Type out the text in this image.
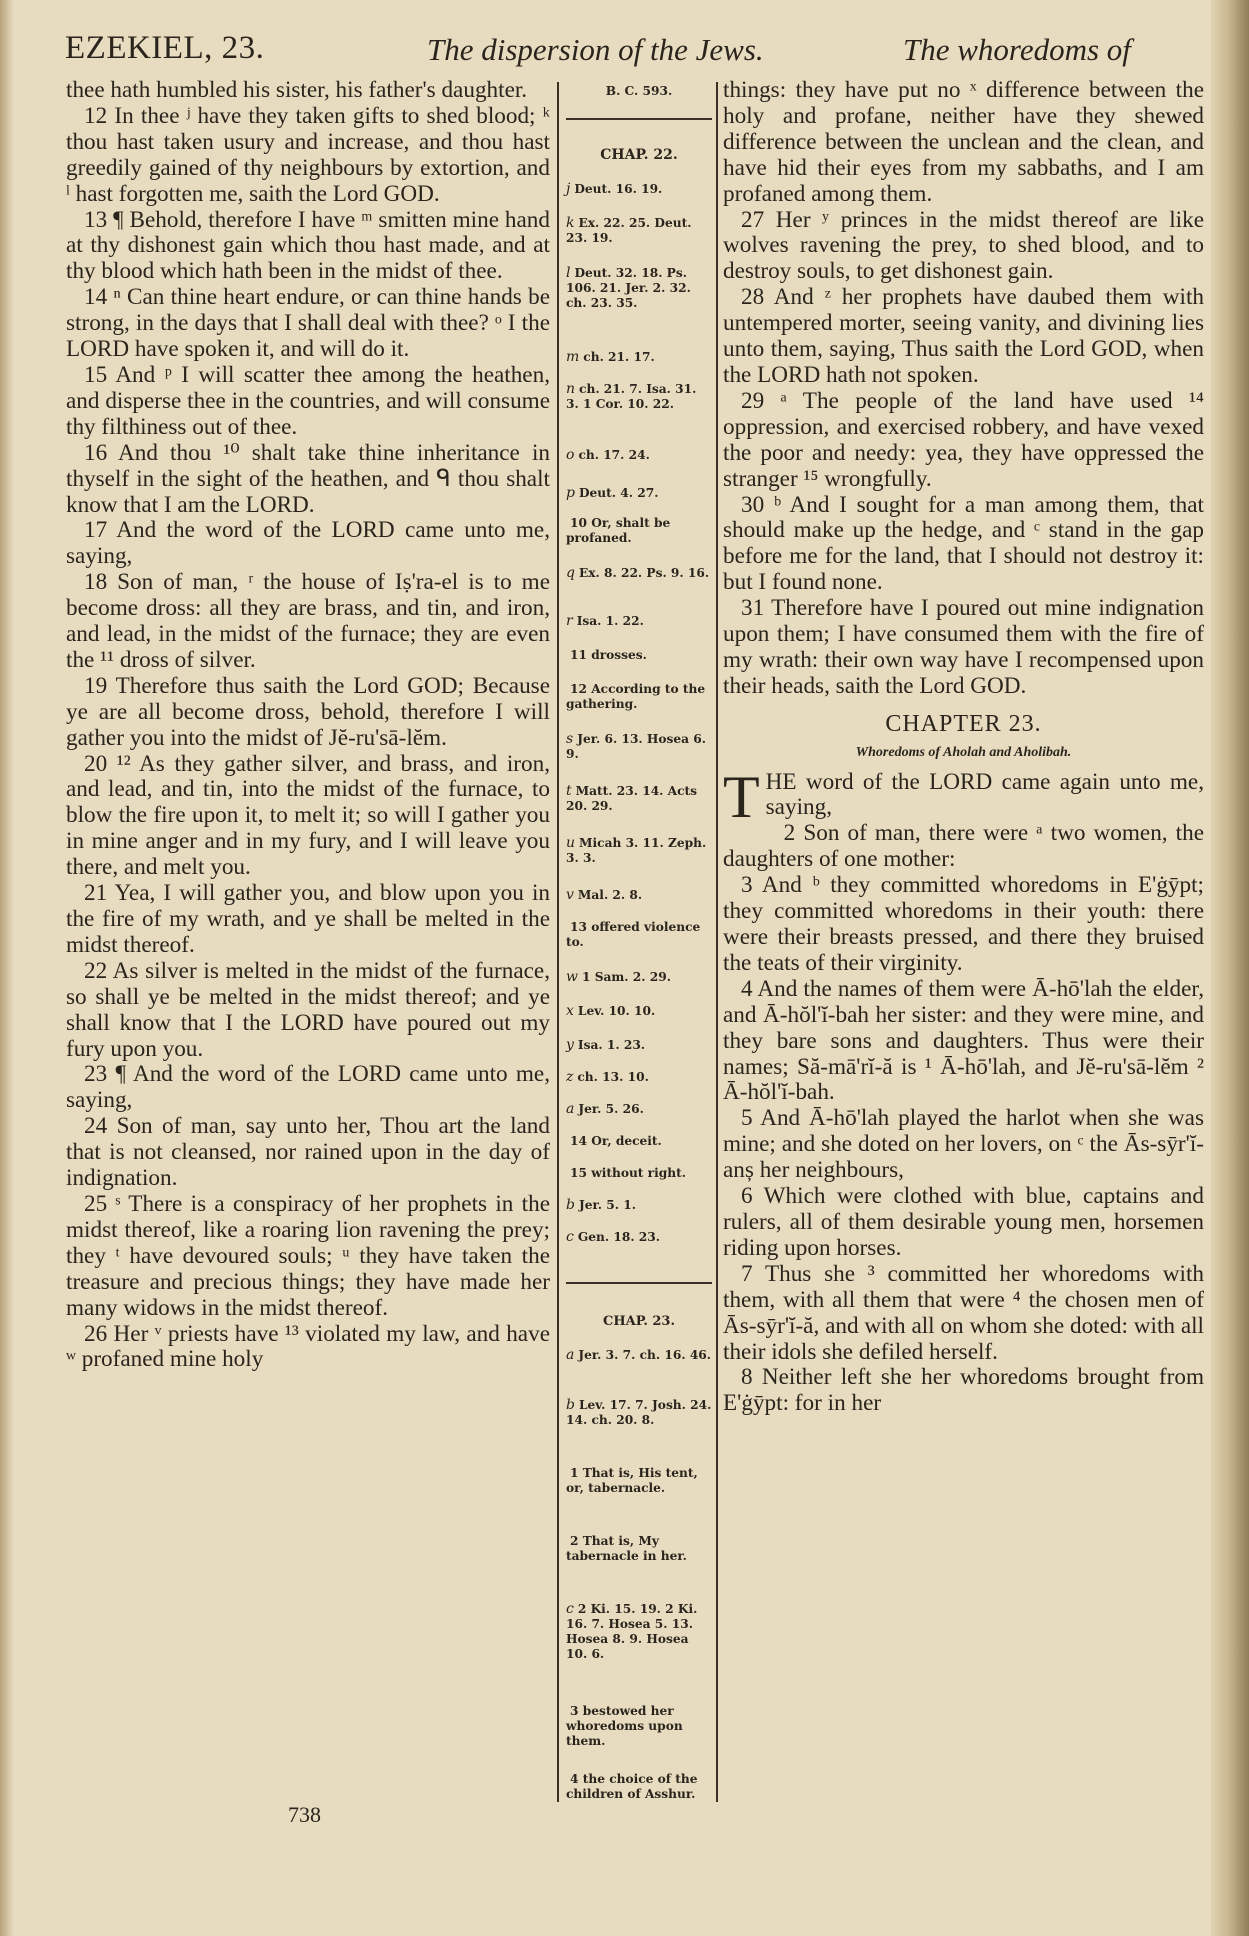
EZEKIEL, 23.	The dispersion of the Jews.	The whoredoms of

thee hath humbled his sister, his father's daughter.

12 In thee ʲ have they taken gifts to shed blood; ᵏ thou hast taken usury and increase, and thou hast greedily gained of thy neighbours by extortion, and ˡ hast forgotten me, saith the Lord GOD.

13 ¶ Behold, therefore I have ᵐ smitten mine hand at thy dishonest gain which thou hast made, and at thy blood which hath been in the midst of thee.

14 ⁿ Can thine heart endure, or can thine hands be strong, in the days that I shall deal with thee? ᵒ I the LORD have spoken it, and will do it.

15 And ᵖ I will scatter thee among the heathen, and disperse thee in the countries, and will consume thy filthiness out of thee.

16 And thou ¹⁰ shalt take thine inheritance in thyself in the sight of the heathen, and ᑫ thou shalt know that I am the LORD.

17 And the word of the LORD came unto me, saying,

18 Son of man, ʳ the house of Iṣ'ra-el is to me become dross: all they are brass, and tin, and iron, and lead, in the midst of the furnace; they are even the ¹¹ dross of silver.

19 Therefore thus saith the Lord GOD; Because ye are all become dross, behold, therefore I will gather you into the midst of Jĕ-ru'sā-lĕm.

20 ¹² As they gather silver, and brass, and iron, and lead, and tin, into the midst of the furnace, to blow the fire upon it, to melt it; so will I gather you in mine anger and in my fury, and I will leave you there, and melt you.

21 Yea, I will gather you, and blow upon you in the fire of my wrath, and ye shall be melted in the midst thereof.

22 As silver is melted in the midst of the furnace, so shall ye be melted in the midst thereof; and ye shall know that I the LORD have poured out my fury upon you.

23 ¶ And the word of the LORD came unto me, saying,

24 Son of man, say unto her, Thou art the land that is not cleansed, nor rained upon in the day of indignation.

25 ˢ There is a conspiracy of her prophets in the midst thereof, like a roaring lion ravening the prey; they ᵗ have devoured souls; ᵘ they have taken the treasure and precious things; they have made her many widows in the midst thereof.

26 Her ᵛ priests have ¹³ violated my law, and have ʷ profaned mine holy

B. C. 593.
CHAP. 22.
j Deut. 16. 19.
k Ex. 22. 25. Deut. 23. 19.
l Deut. 32. 18. Ps. 106. 21. Jer. 2. 32. ch. 23. 35.
m ch. 21. 17.
n ch. 21. 7. Isa. 31. 3. 1 Cor. 10. 22.
o ch. 17. 24.
p Deut. 4. 27.
10 Or, shalt be profaned.
q Ex. 8. 22. Ps. 9. 16.
r Isa. 1. 22.
11 drosses.
12 According to the gathering.
s Jer. 6. 13. Hosea 6. 9.
t Matt. 23. 14. Acts 20. 29.
u Micah 3. 11. Zeph. 3. 3.
v Mal. 2. 8.
13 offered violence to.
w 1 Sam. 2. 29.
x Lev. 10. 10.
y Isa. 1. 23.
z ch. 13. 10.
a Jer. 5. 26.
14 Or, deceit.
15 without right.
b Jer. 5. 1.
c Gen. 18. 23.
CHAP. 23.
a Jer. 3. 7. ch. 16. 46.
b Lev. 17. 7. Josh. 24. 14. ch. 20. 8.
1 That is, His tent, or, tabernacle.
2 That is, My tabernacle in her.
c 2 Ki. 15. 19. 2 Ki. 16. 7. Hosea 5. 13. Hosea 8. 9. Hosea 10. 6.
3 bestowed her whoredoms upon them.
4 the choice of the children of Asshur.

things: they have put no ˣ difference between the holy and profane, neither have they shewed difference between the unclean and the clean, and have hid their eyes from my sabbaths, and I am profaned among them.

27 Her ʸ princes in the midst thereof are like wolves ravening the prey, to shed blood, and to destroy souls, to get dishonest gain.

28 And ᶻ her prophets have daubed them with untempered morter, seeing vanity, and divining lies unto them, saying, Thus saith the Lord GOD, when the LORD hath not spoken.

29 ᵃ The people of the land have used ¹⁴ oppression, and exercised robbery, and have vexed the poor and needy: yea, they have oppressed the stranger ¹⁵ wrongfully.

30 ᵇ And I sought for a man among them, that should make up the hedge, and ᶜ stand in the gap before me for the land, that I should not destroy it: but I found none.

31 Therefore have I poured out mine indignation upon them; I have consumed them with the fire of my wrath: their own way have I recompensed upon their heads, saith the Lord GOD.

CHAPTER 23.
Whoredoms of Aholah and Aholibah.

THE word of the LORD came again unto me, saying,

2 Son of man, there were ᵃ two women, the daughters of one mother:

3 And ᵇ they committed whoredoms in E'ġȳpt; they committed whoredoms in their youth: there were their breasts pressed, and there they bruised the teats of their virginity.

4 And the names of them were Ā-hō'lah the elder, and Ā-hŏl'ĭ-bah her sister: and they were mine, and they bare sons and daughters. Thus were their names; Să-mā'rĭ-ă is ¹ Ā-hō'lah, and Jĕ-ru'sā-lĕm ² Ā-hŏl'ĭ-bah.

5 And Ā-hō'lah played the harlot when she was mine; and she doted on her lovers, on ᶜ the Ās-sȳr'ĭ-anș her neighbours,

6 Which were clothed with blue, captains and rulers, all of them desirable young men, horsemen riding upon horses.

7 Thus she ³ committed her whoredoms with them, with all them that were ⁴ the chosen men of Ās-sȳr'ĭ-ă, and with all on whom she doted: with all their idols she defiled herself.

8 Neither left she her whoredoms brought from E'ġȳpt: for in her

738
